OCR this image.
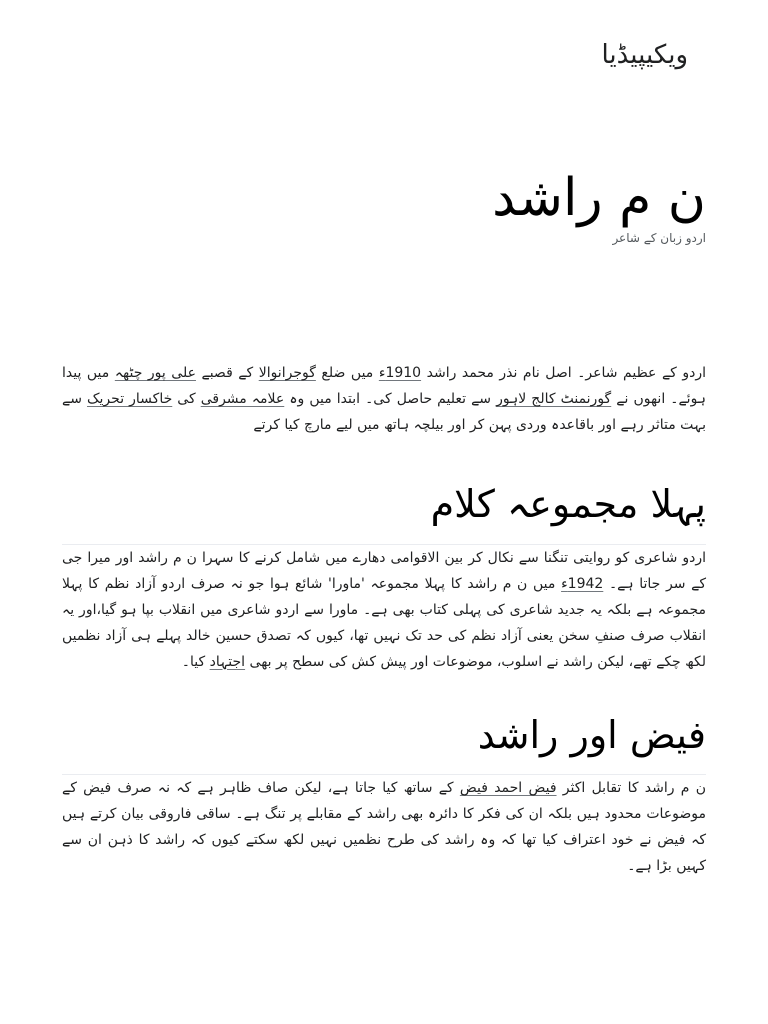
ویکیپیڈیا
ن م راشد
اردو زبان کے شاعر

اردو کے عظیم شاعر۔ اصل نام نذر محمد راشد 1910ء میں ضلع گوجرانوالا کے قصبے علی پور چٹھہ میں پیدا ہوئے۔ انھوں نے گورنمنٹ کالج لاہور سے تعلیم حاصل کی۔ ابتدا میں وہ علامہ مشرقی کی خاکسار تحریک سے بہت متاثر رہے اور باقاعدہ وردی پہن کر اور بیلچہ ہاتھ میں لیے مارچ کیا کرتے

پہلا مجموعہ کلام

اردو شاعری کو روایتی تنگنا سے نکال کر بین الاقوامی دھارے میں شامل کرنے کا سہرا ن م راشد اور میرا جی کے سر جاتا ہے۔ 1942ء میں ن م راشد کا پہلا مجموعہ 'ماورا' شائع ہوا جو نہ صرف اردو آزاد نظم کا پہلا مجموعہ ہے بلکہ یہ جدید شاعری کی پہلی کتاب بھی ہے۔ ماورا سے اردو شاعری میں انقلاب بپا ہو گیا،اور یہ انقلاب صرف صنفِ سخن یعنی آزاد نظم کی حد تک نہیں تھا، کیوں کہ تصدق حسین خالد پہلے ہی آزاد نظمیں لکھ چکے تھے، لیکن راشد نے اسلوب، موضوعات اور پیش کش کی سطح پر بھی اجتہاد کیا۔

فیض اور راشد

ن م راشد کا تقابل اکثر فیض احمد فیض کے ساتھ کیا جاتا ہے، لیکن صاف ظاہر ہے کہ نہ صرف فیض کے موضوعات محدود ہیں بلکہ ان کی فکر کا دائرہ بھی راشد کے مقابلے پر تنگ ہے۔ ساقی فاروقی بیان کرتے ہیں کہ فیض نے خود اعتراف کیا تھا کہ وہ راشد کی طرح نظمیں نہیں لکھ سکتے کیوں کہ راشد کا ذہن ان سے کہیں بڑا ہے۔
